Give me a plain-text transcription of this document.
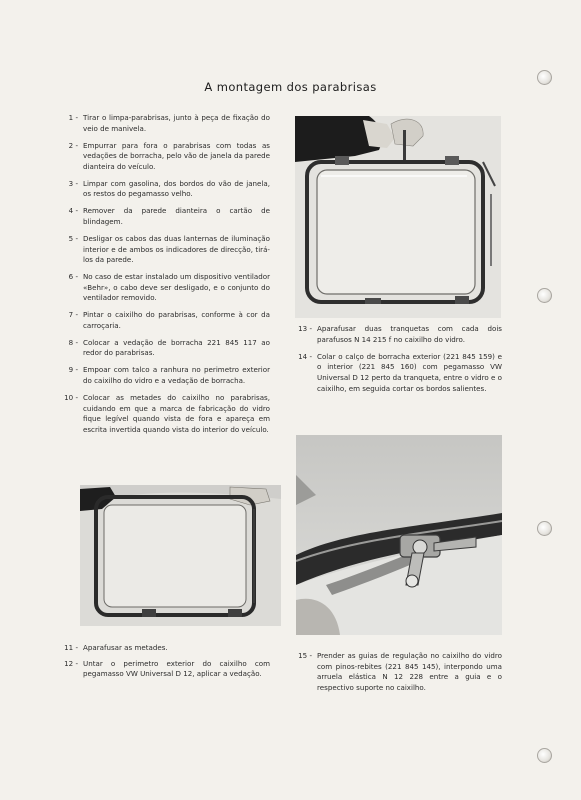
A montagem dos parabrisas
1 - Tirar o limpa-parabrisas, junto à peça de fixação do veio de manivela.
2 - Empurrar para fora o parabrisas com todas as vedações de borracha, pelo vão de janela da parede dianteira do veículo.
3 - Limpar com gasolina, dos bordos do vão de janela, os restos do pegamasso velho.
4 - Remover da parede dianteira o cartão de blindagem.
5 - Desligar os cabos das duas lanternas de iluminação interior e de ambos os indicadores de direcção, tirá-los da parede.
6 - No caso de estar instalado um dispositivo ventilador «Behr», o cabo deve ser desligado, e o conjunto do ventilador removido.
7 - Pintar o caixilho do parabrisas, conforme à cor da carroçaria.
8 - Colocar a vedação de borracha 221 845 117 ao redor do parabrisas.
9 - Empoar com talco a ranhura no perimetro exterior do caixilho do vidro e a vedação de borracha.
10 - Colocar as metades do caixilho no parabrisas, cuidando em que a marca de fabricação do vidro fique legível quando vista de fora e apareça em escrita invertida quando vista do interior do veículo.
13 - Aparafusar duas tranquetas com cada dois parafusos N 14 215 f no caixilho do vidro.
14 - Colar o calço de borracha exterior (221 845 159) e o interior (221 845 160) com pegamasso VW Universal D 12 perto da tranqueta, entre o vidro e o caixilho, em seguida cortar os bordos salientes.
11 - Aparafusar as metades.
12 - Untar o perimetro exterior do caixilho com pegamasso VW Universal D 12, aplicar a vedação.
15 - Prender as guias de regulação no caixilho do vidro com pinos-rebites (221 845 145), interpondo uma arruela elástica N 12 228 entre a guia e o respectivo suporte no caixilho.
